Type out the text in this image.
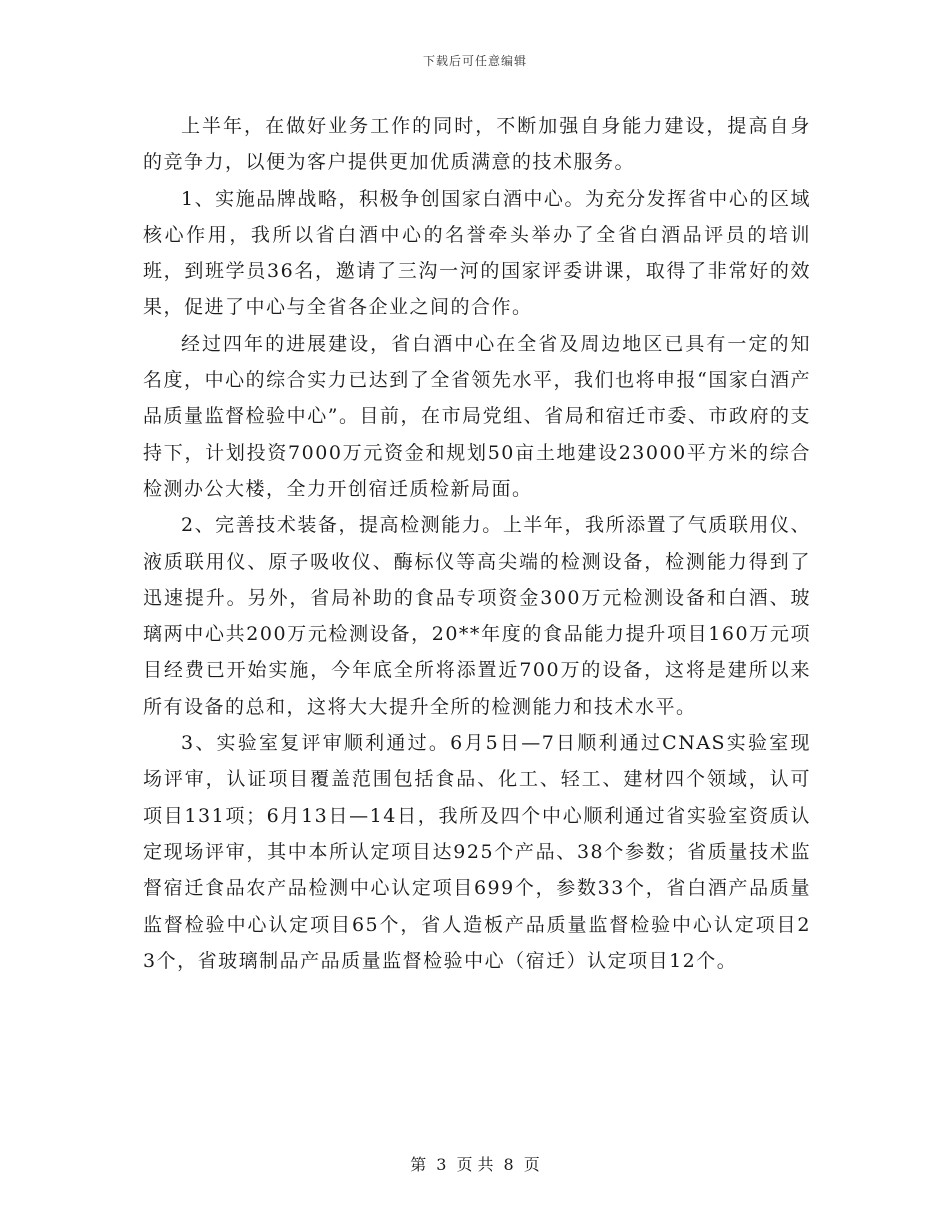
下载后可任意编辑

上半年，在做好业务工作的同时，不断加强自身能力建设，提高自身的竞争力，以便为客户提供更加优质满意的技术服务。

1、实施品牌战略，积极争创国家白酒中心。为充分发挥省中心的区域核心作用，我所以省白酒中心的名誉牵头举办了全省白酒品评员的培训班，到班学员36名，邀请了三沟一河的国家评委讲课，取得了非常好的效果，促进了中心与全省各企业之间的合作。

经过四年的进展建设，省白酒中心在全省及周边地区已具有一定的知名度，中心的综合实力已达到了全省领先水平，我们也将申报“国家白酒产品质量监督检验中心”。目前，在市局党组、省局和宿迁市委、市政府的支持下，计划投资7000万元资金和规划50亩土地建设23000平方米的综合检测办公大楼，全力开创宿迁质检新局面。

2、完善技术装备，提高检测能力。上半年，我所添置了气质联用仪、液质联用仪、原子吸收仪、酶标仪等高尖端的检测设备，检测能力得到了迅速提升。另外，省局补助的食品专项资金300万元检测设备和白酒、玻璃两中心共200万元检测设备，20**年度的食品能力提升项目160万元项目经费已开始实施，今年底全所将添置近700万的设备，这将是建所以来所有设备的总和，这将大大提升全所的检测能力和技术水平。

3、实验室复评审顺利通过。6月5日—7日顺利通过CNAS实验室现场评审，认证项目覆盖范围包括食品、化工、轻工、建材四个领域，认可项目131项；6月13日—14日，我所及四个中心顺利通过省实验室资质认定现场评审，其中本所认定项目达925个产品、38个参数；省质量技术监督宿迁食品农产品检测中心认定项目699个，参数33个，省白酒产品质量监督检验中心认定项目65个，省人造板产品质量监督检验中心认定项目23个，省玻璃制品产品质量监督检验中心（宿迁）认定项目12个。

第 3 页 共 8 页
